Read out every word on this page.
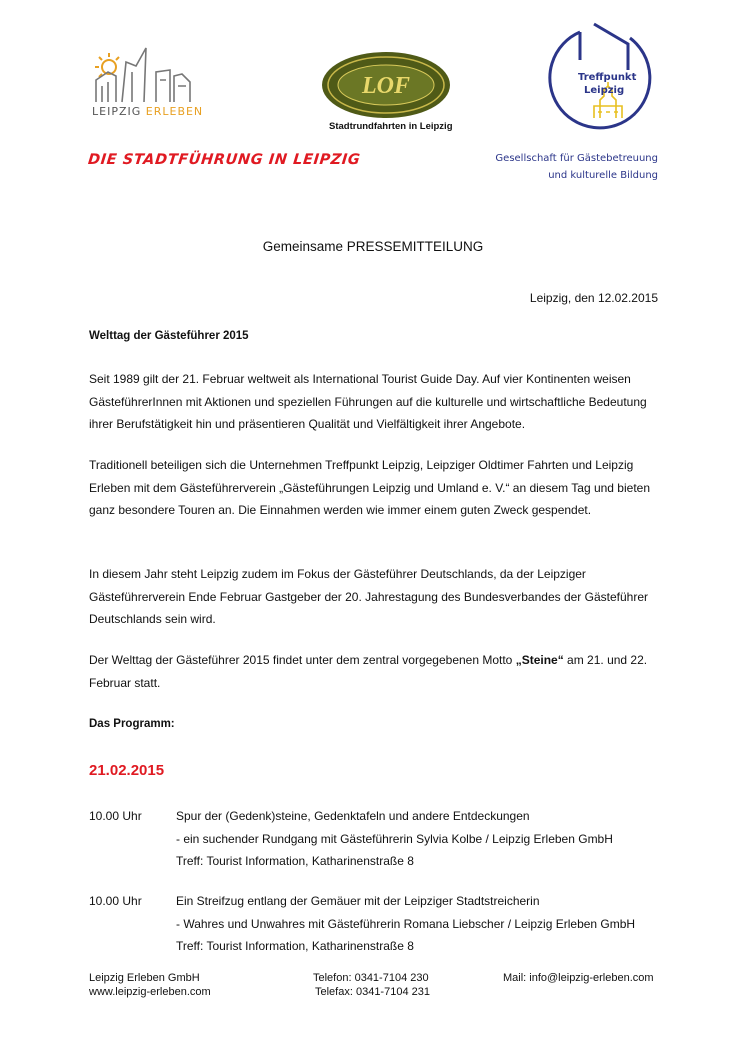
LEIPZIG ERLEBEN
LOF
Stadtrundfahrten in Leipzig
Treffpunkt
Leipzig
Gesellschaft für Gästebetreuung
und kulturelle Bildung
DIE STADTFÜHRUNG IN LEIPZIG
Gemeinsame PRESSEMITTEILUNG
Leipzig, den 12.02.2015
Welttag der Gästeführer 2015
Seit 1989 gilt der 21. Februar weltweit als International Tourist Guide Day. Auf vier Kontinenten weisen GästeführerInnen mit Aktionen und speziellen Führungen auf die kulturelle und wirtschaftliche Bedeutung ihrer Berufstätigkeit hin und präsentieren Qualität und Vielfältigkeit ihrer Angebote.
Traditionell beteiligen sich die Unternehmen Treffpunkt Leipzig, Leipziger Oldtimer Fahrten und Leipzig Erleben mit dem Gästeführerverein „Gästeführungen Leipzig und Umland e. V.“ an diesem Tag und bieten ganz besondere Touren an. Die Einnahmen werden wie immer einem guten Zweck gespendet.
In diesem Jahr steht Leipzig zudem im Fokus der Gästeführer Deutschlands, da der Leipziger Gästeführerverein Ende Februar Gastgeber der 20. Jahrestagung des Bundesverbandes der Gästeführer Deutschlands sein wird.
Der Welttag der Gästeführer 2015 findet unter dem zentral vorgegebenen Motto „Steine“ am 21. und 22. Februar statt.
Das Programm:
21.02.2015
10.00 Uhr	Spur der (Gedenk)steine, Gedenktafeln und andere Entdeckungen
- ein suchender Rundgang mit Gästeführerin Sylvia Kolbe / Leipzig Erleben GmbH
Treff: Tourist Information, Katharinenstraße 8
10.00 Uhr	Ein Streifzug entlang der Gemäuer mit der Leipziger Stadtstreicherin
- Wahres und Unwahres mit Gästeführerin Romana Liebscher / Leipzig Erleben GmbH
Treff: Tourist Information, Katharinenstraße 8
Leipzig Erleben GmbH
www.leipzig-erleben.com
Telefon: 0341-7104 230
Telefax: 0341-7104 231
Mail: info@leipzig-erleben.com
